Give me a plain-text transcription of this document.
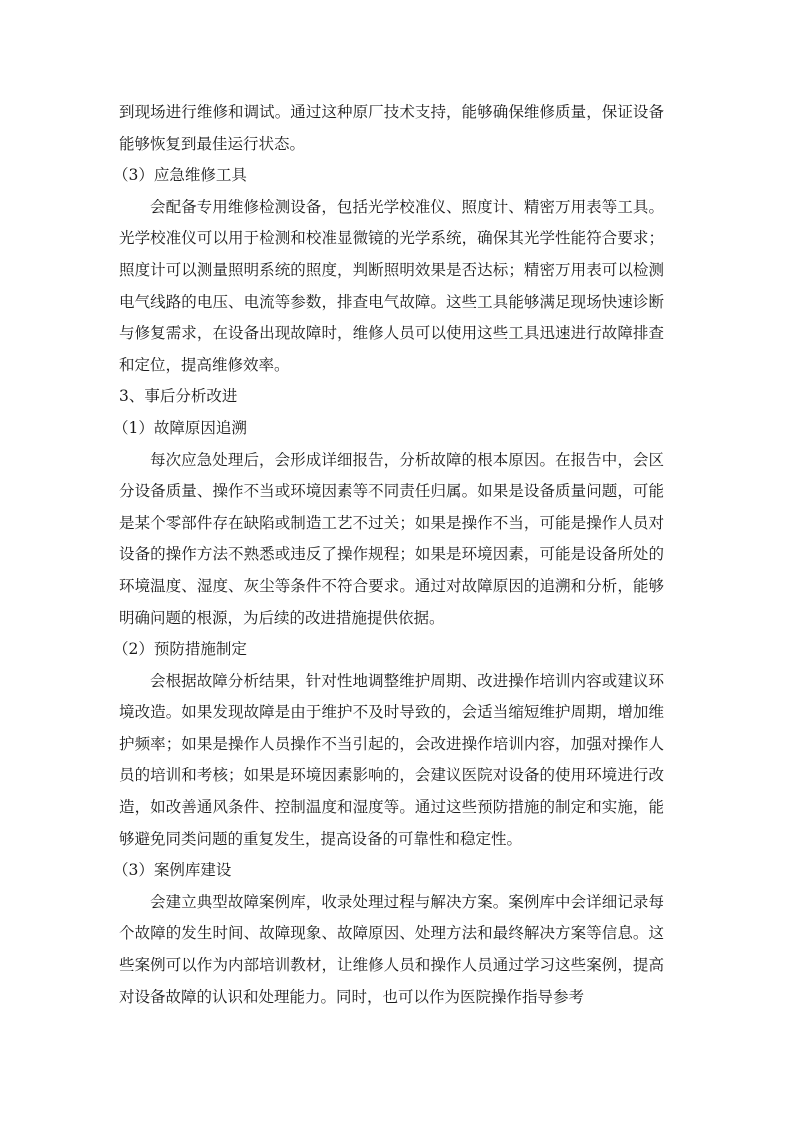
到现场进行维修和调试。通过这种原厂技术支持，能够确保维修质量，保证设备能够恢复到最佳运行状态。

（3）应急维修工具

会配备专用维修检测设备，包括光学校准仪、照度计、精密万用表等工具。光学校准仪可以用于检测和校准显微镜的光学系统，确保其光学性能符合要求；照度计可以测量照明系统的照度，判断照明效果是否达标；精密万用表可以检测电气线路的电压、电流等参数，排查电气故障。这些工具能够满足现场快速诊断与修复需求，在设备出现故障时，维修人员可以使用这些工具迅速进行故障排查和定位，提高维修效率。

3、事后分析改进

（1）故障原因追溯

每次应急处理后，会形成详细报告，分析故障的根本原因。在报告中，会区分设备质量、操作不当或环境因素等不同责任归属。如果是设备质量问题，可能是某个零部件存在缺陷或制造工艺不过关；如果是操作不当，可能是操作人员对设备的操作方法不熟悉或违反了操作规程；如果是环境因素，可能是设备所处的环境温度、湿度、灰尘等条件不符合要求。通过对故障原因的追溯和分析，能够明确问题的根源，为后续的改进措施提供依据。

（2）预防措施制定

会根据故障分析结果，针对性地调整维护周期、改进操作培训内容或建议环境改造。如果发现故障是由于维护不及时导致的，会适当缩短维护周期，增加维护频率；如果是操作人员操作不当引起的，会改进操作培训内容，加强对操作人员的培训和考核；如果是环境因素影响的，会建议医院对设备的使用环境进行改造，如改善通风条件、控制温度和湿度等。通过这些预防措施的制定和实施，能够避免同类问题的重复发生，提高设备的可靠性和稳定性。

（3）案例库建设

会建立典型故障案例库，收录处理过程与解决方案。案例库中会详细记录每个故障的发生时间、故障现象、故障原因、处理方法和最终解决方案等信息。这些案例可以作为内部培训教材，让维修人员和操作人员通过学习这些案例，提高对设备故障的认识和处理能力。同时，也可以作为医院操作指导参考
